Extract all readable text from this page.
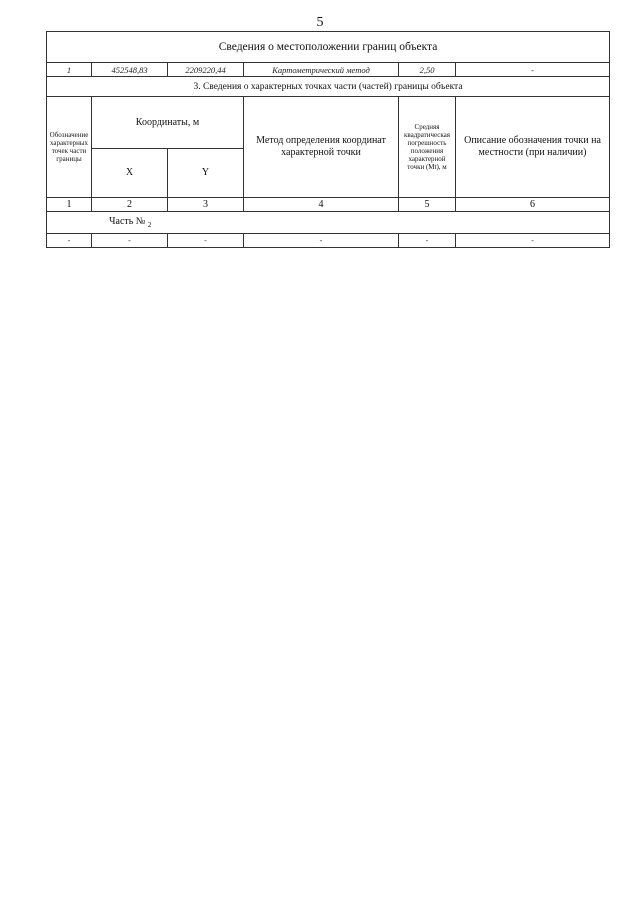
5
Сведения о местоположении границ объекта					
1	452548,83	2209220,44	Картометрический метод	2,50	-
3. Сведения о характерных точках части (частей) границы объекта					
Обозначение характерных точек части границы	Координаты, м		Метод определения координат характерной точки	Средняя квадратическая погрешность положения характерной точки (Mt), м	Описание обозначения точки на местности (при наличии)
	X	Y			
1	2	3	4	5	6
Часть № $_2$
-	-	-	-	-	-
